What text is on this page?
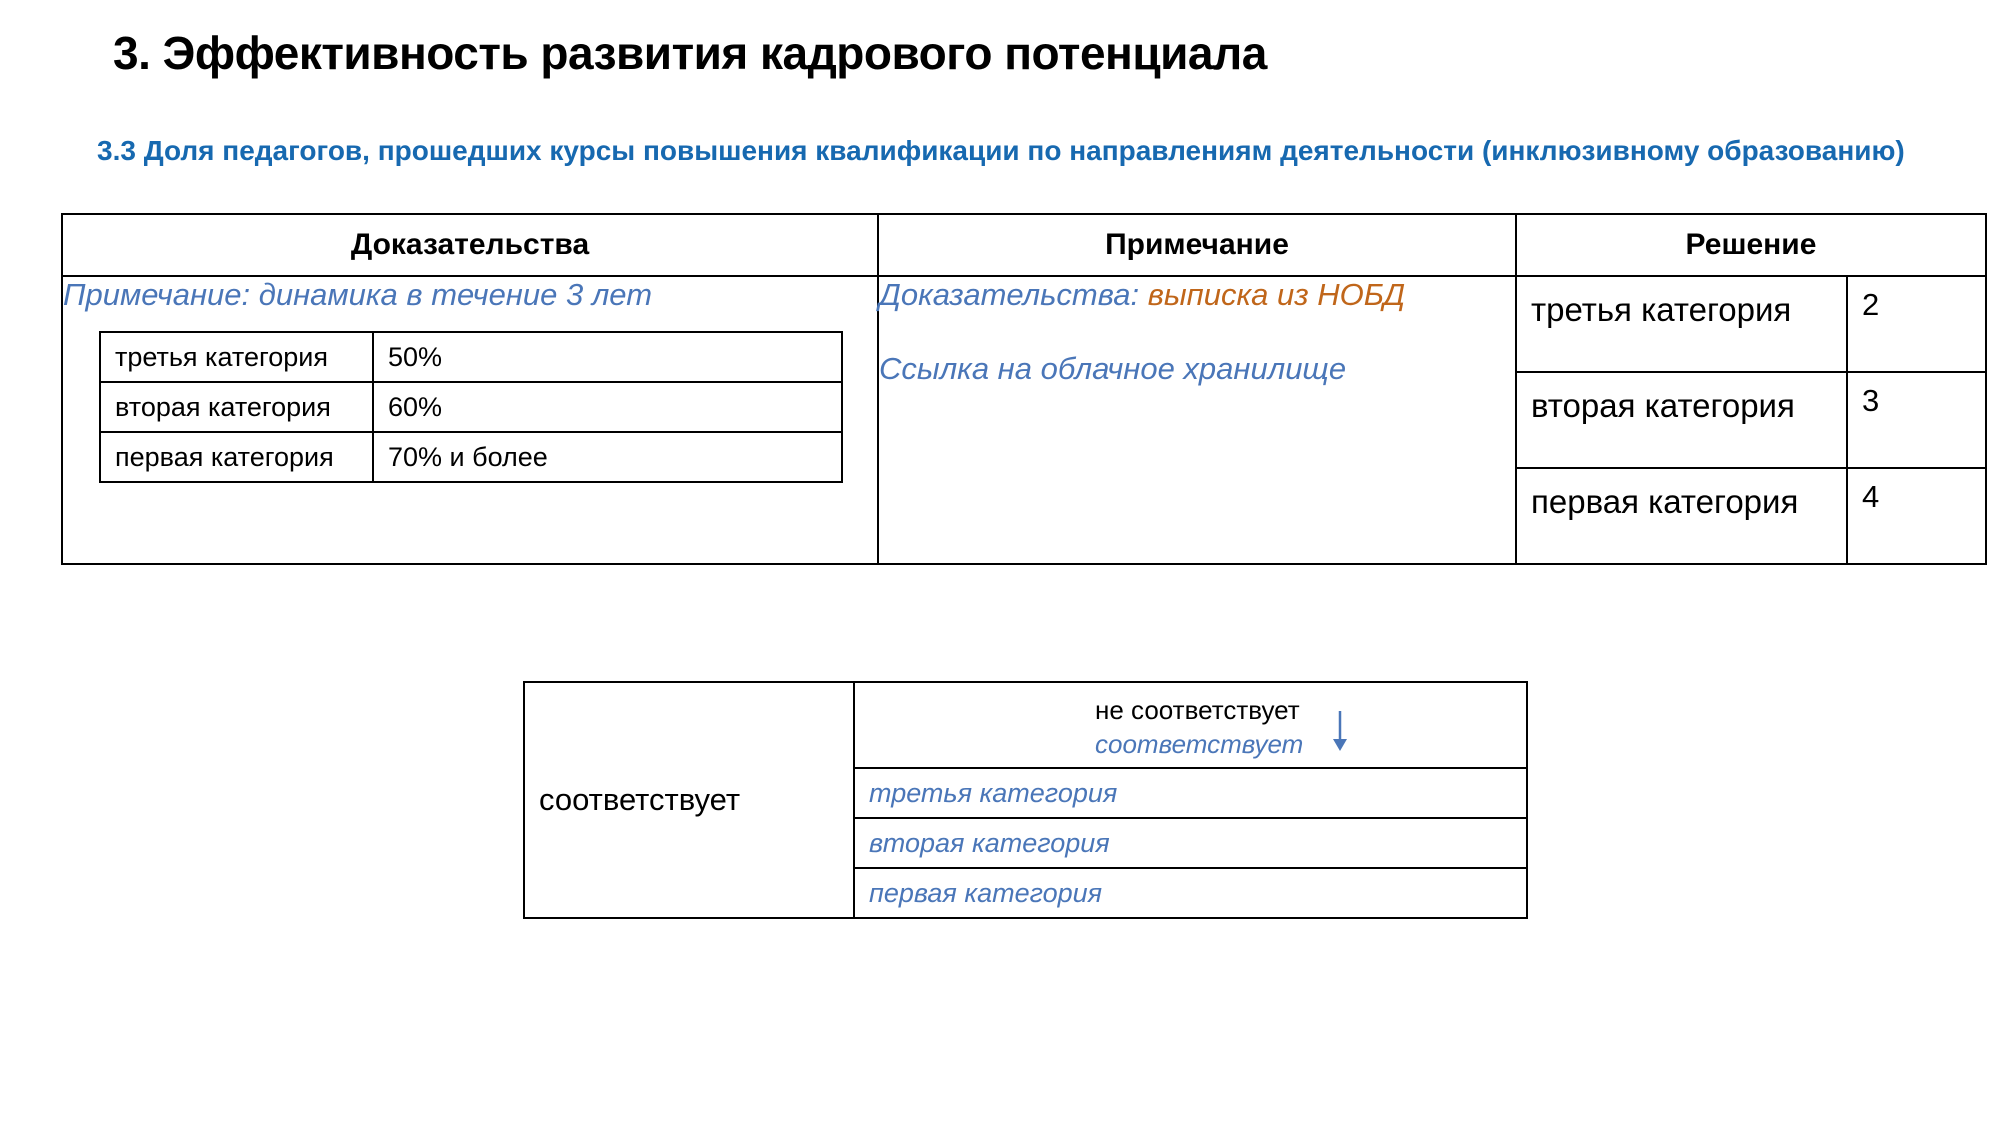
3. Эффективность развития кадрового потенциала
3.3 Доля педагогов, прошедших курсы повышения квалификации по направлениям деятельности (инклюзивному образованию)
Доказательства	Примечание	Решение

Примечание: динамика в течение 3 лет
третья категория	50%
вторая категория	60%
первая категория	70% и более

Доказательства: выписка из НОБД
Ссылка на облачное хранилище

третья категория	2
вторая категория	3
первая категория	4
соответствует	
не соответствует
соответствует

третья категория
вторая категория
первая категория
